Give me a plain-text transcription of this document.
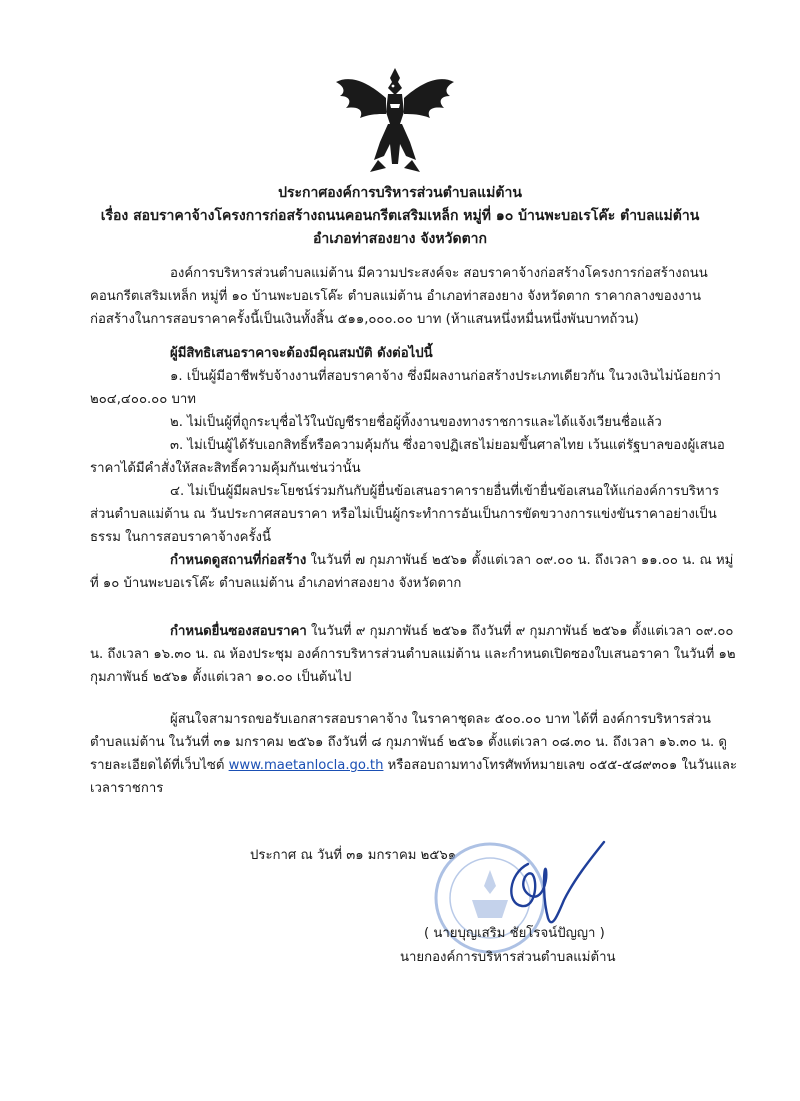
ประกาศองค์การบริหารส่วนตำบลแม่ต้าน
เรื่อง สอบราคาจ้างโครงการก่อสร้างถนนคอนกรีตเสริมเหล็ก หมู่ที่ ๑๐ บ้านพะบอเรโค๊ะ ตำบลแม่ต้าน
อำเภอท่าสองยาง จังหวัดตาก

องค์การบริหารส่วนตำบลแม่ต้าน มีความประสงค์จะ สอบราคาจ้างก่อสร้างโครงการก่อสร้างถนนคอนกรีตเสริมเหล็ก หมู่ที่ ๑๐ บ้านพะบอเรโค๊ะ ตำบลแม่ต้าน อำเภอท่าสองยาง จังหวัดตาก ราคากลางของงานก่อสร้างในการสอบราคาครั้งนี้เป็นเงินทั้งสิ้น ๕๑๑,๐๐๐.๐๐ บาท (ห้าแสนหนึ่งหมื่นหนึ่งพันบาทถ้วน)

ผู้มีสิทธิเสนอราคาจะต้องมีคุณสมบัติ ดังต่อไปนี้

๑. เป็นผู้มีอาชีพรับจ้างงานที่สอบราคาจ้าง ซึ่งมีผลงานก่อสร้างประเภทเดียวกัน ในวงเงินไม่น้อยกว่า ๒๐๔,๔๐๐.๐๐ บาท

๒. ไม่เป็นผู้ที่ถูกระบุชื่อไว้ในบัญชีรายชื่อผู้ทิ้งงานของทางราชการและได้แจ้งเวียนชื่อแล้ว

๓. ไม่เป็นผู้ได้รับเอกสิทธิ์หรือความคุ้มกัน ซึ่งอาจปฏิเสธไม่ยอมขึ้นศาลไทย เว้นแต่รัฐบาลของผู้เสนอราคาได้มีคำสั่งให้สละสิทธิ์ความคุ้มกันเช่นว่านั้น

๔. ไม่เป็นผู้มีผลประโยชน์ร่วมกันกับผู้ยื่นข้อเสนอราคารายอื่นที่เข้ายื่นข้อเสนอให้แก่องค์การบริหารส่วนตำบลแม่ต้าน ณ วันประกาศสอบราคา หรือไม่เป็นผู้กระทำการอันเป็นการขัดขวางการแข่งขันราคาอย่างเป็นธรรม ในการสอบราคาจ้างครั้งนี้

กำหนดดูสถานที่ก่อสร้าง ในวันที่ ๗ กุมภาพันธ์ ๒๕๖๑ ตั้งแต่เวลา ๐๙.๐๐ น. ถึงเวลา ๑๑.๐๐ น. ณ หมู่ที่ ๑๐ บ้านพะบอเรโค๊ะ ตำบลแม่ต้าน อำเภอท่าสองยาง จังหวัดตาก

กำหนดยื่นซองสอบราคา ในวันที่ ๙ กุมภาพันธ์ ๒๕๖๑ ถึงวันที่ ๙ กุมภาพันธ์ ๒๕๖๑ ตั้งแต่เวลา ๐๙.๐๐ น. ถึงเวลา ๑๖.๓๐ น. ณ ห้องประชุม องค์การบริหารส่วนตำบลแม่ต้าน และกำหนดเปิดซองใบเสนอราคา ในวันที่ ๑๒ กุมภาพันธ์ ๒๕๖๑ ตั้งแต่เวลา ๑๐.๐๐ เป็นต้นไป

ผู้สนใจสามารถขอรับเอกสารสอบราคาจ้าง ในราคาชุดละ ๕๐๐.๐๐ บาท ได้ที่ องค์การบริหารส่วนตำบลแม่ต้าน ในวันที่ ๓๑ มกราคม ๒๕๖๑ ถึงวันที่ ๘ กุมภาพันธ์ ๒๕๖๑ ตั้งแต่เวลา ๐๘.๓๐ น. ถึงเวลา ๑๖.๓๐ น. ดูรายละเอียดได้ที่เว็บไซต์ www.maetanlocla.go.th หรือสอบถามทางโทรศัพท์หมายเลข ๐๕๕-๕๘๙๓๐๑ ในวันและเวลาราชการ

ประกาศ ณ วันที่ ๓๑ มกราคม ๒๕๖๑
( นายบุญเสริม ชัยโรจน์ปัญญา )
นายกองค์การบริหารส่วนตำบลแม่ต้าน
